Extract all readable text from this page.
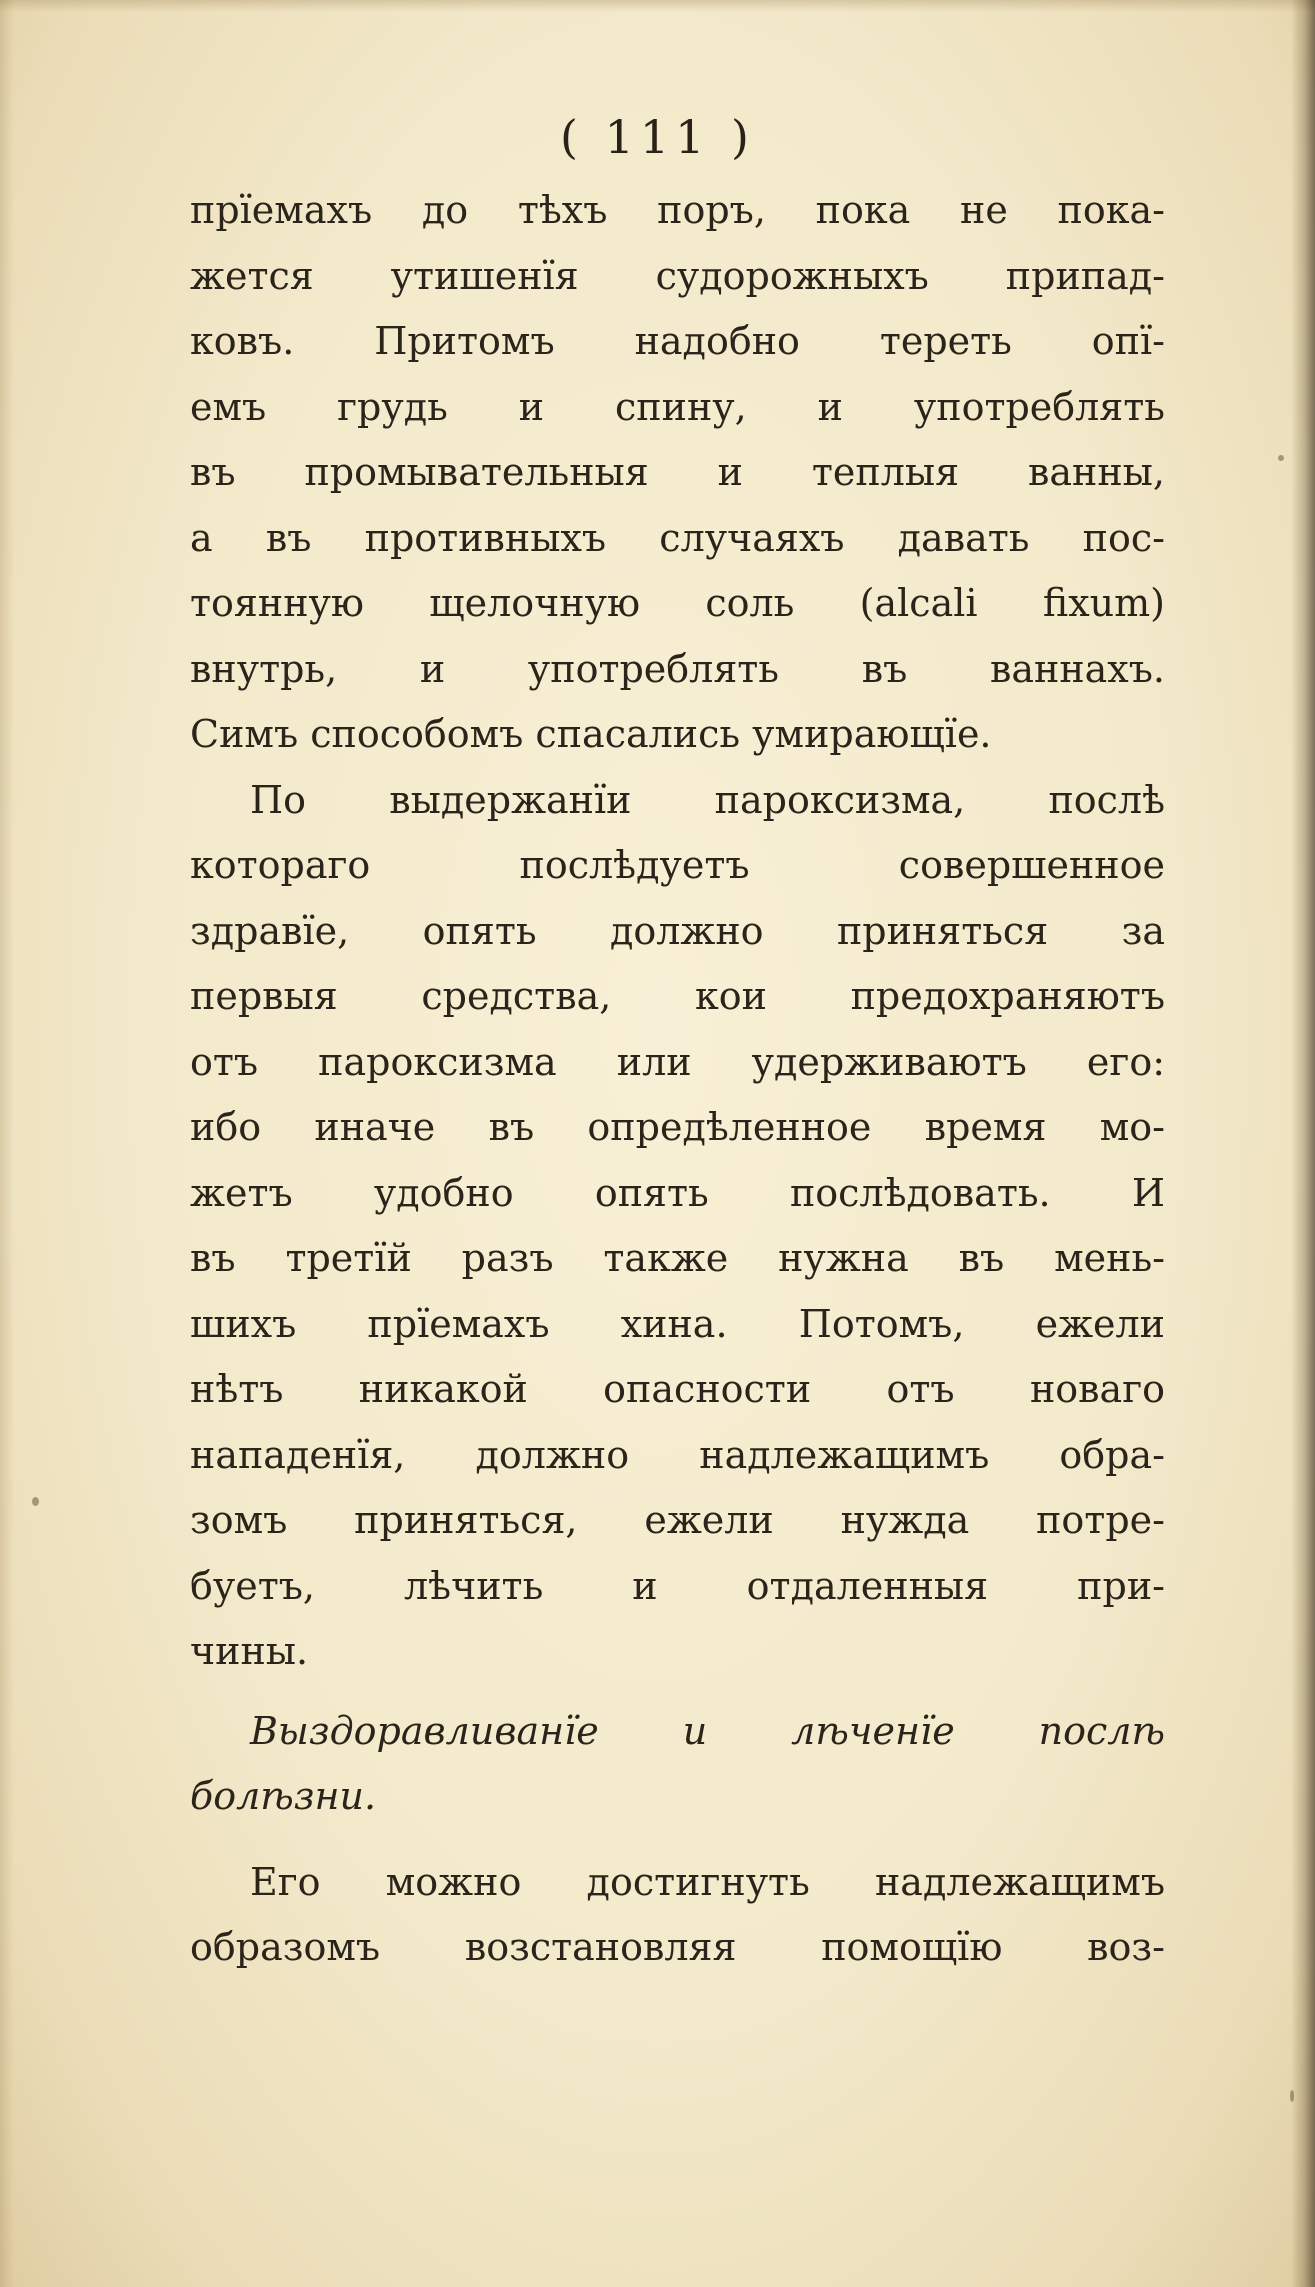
( 111 )
прїемахъ до тѣхъ поръ, пока не пока-
жется утишенїя судорожныхъ припад-
ковъ. Притомъ надобно тереть опї-
емъ грудь и спину, и употреблять
въ промывательныя и теплыя ванны,
а въ противныхъ случаяхъ давать пос-
тоянную щелочную соль (alcali fixum)
внутрь, и употреблять въ ваннахъ.
Симъ способомъ спасались умирающїе.
По выдержанїи пароксизма, послѣ
котораго послѣдуетъ совершенное
здравїе, опять должно приняться за
первыя средства, кои предохраняютъ
отъ пароксизма или удерживаютъ его:
ибо иначе въ опредѣленное время мо-
жетъ удобно опять послѣдовать. И
въ третїй разъ также нужна въ мень-
шихъ прїемахъ хина. Потомъ, ежели
нѣтъ никакой опасности отъ новаго
нападенїя, должно надлежащимъ обра-
зомъ приняться, ежели нужда потре-
буетъ, лѣчить и отдаленныя при-
чины.
Выздоравливанїе и лѣченїе послѣ
болѣзни.
Его можно достигнуть надлежащимъ
образомъ возстановляя помощїю воз-
